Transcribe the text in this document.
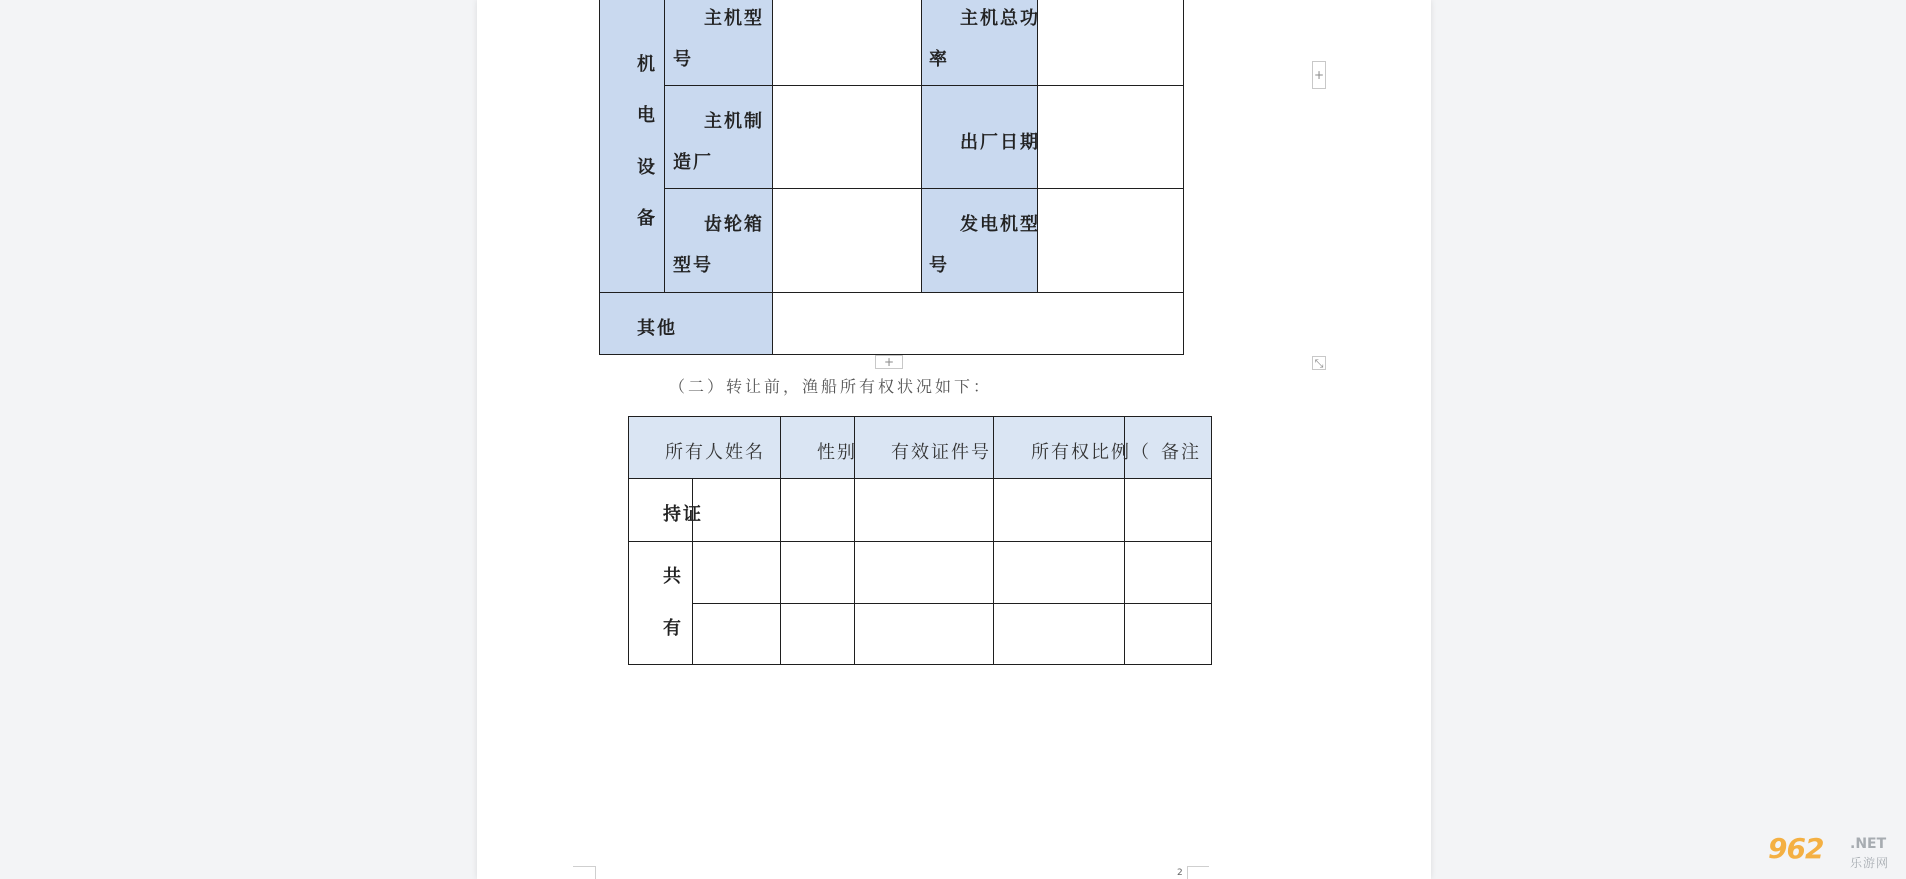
机
电
设
备
主机型
号
主机总功
率
主机制
造厂
出厂日期
齿轮箱
型号
发电机型
号
其他
+
+	⤡
（二）转让前，渔船所有权状况如下：
所有人姓名	性别 有效证件号 所有权比例（ 备注
持证
共
有
2
962 .NET
乐游网
